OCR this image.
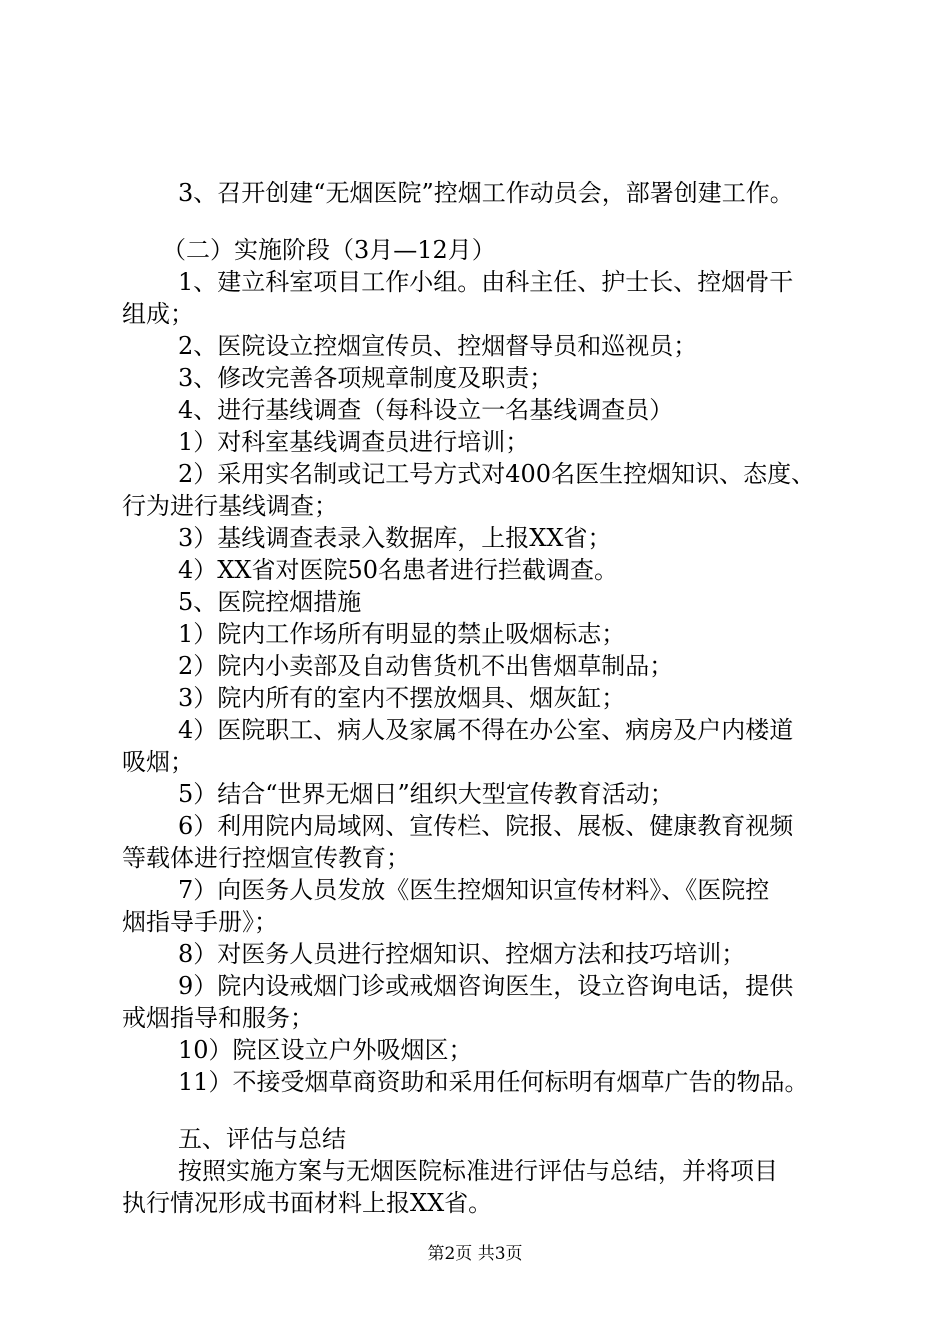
3、召开创建“无烟医院”控烟工作动员会，部署创建工作。
（二）实施阶段（3月—12月）
1、建立科室项目工作小组。由科主任、护士长、控烟骨干
组成；
2、医院设立控烟宣传员、控烟督导员和巡视员；
3、修改完善各项规章制度及职责；
4、进行基线调查（每科设立一名基线调查员）
1）对科室基线调查员进行培训；
2）采用实名制或记工号方式对400名医生控烟知识、态度、
行为进行基线调查；
3）基线调查表录入数据库，上报XX省；
4）XX省对医院50名患者进行拦截调查。
5、医院控烟措施
1）院内工作场所有明显的禁止吸烟标志；
2）院内小卖部及自动售货机不出售烟草制品；
3）院内所有的室内不摆放烟具、烟灰缸；
4）医院职工、病人及家属不得在办公室、病房及户内楼道
吸烟；
5）结合“世界无烟日”组织大型宣传教育活动；
6）利用院内局域网、宣传栏、院报、展板、健康教育视频
等载体进行控烟宣传教育；
7）向医务人员发放《医生控烟知识宣传材料》、《医院控
烟指导手册》；
8）对医务人员进行控烟知识、控烟方法和技巧培训；
9）院内设戒烟门诊或戒烟咨询医生，设立咨询电话，提供
戒烟指导和服务；
10）院区设立户外吸烟区；
11）不接受烟草商资助和采用任何标明有烟草广告的物品。
五、评估与总结
按照实施方案与无烟医院标准进行评估与总结，并将项目
执行情况形成书面材料上报XX省。
第2页 共3页
